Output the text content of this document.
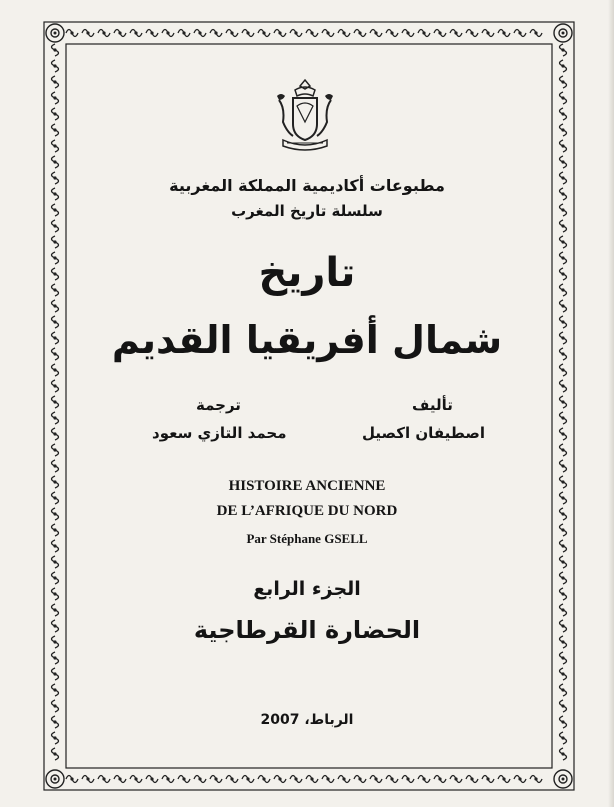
مطبوعات أكاديمية المملكة المغربية
سلسلة تاريخ المغرب
تاريخ
شمال أفريقيا القديم
ترجمة
محمد التازي سعود
تأليف
اصطيفان اكصيل
HISTOIRE ANCIENNE
DE L’AFRIQUE DU NORD
Par Stéphane GSELL
الجزء الرابع
الحضارة القرطاجية
الرباط، 2007
